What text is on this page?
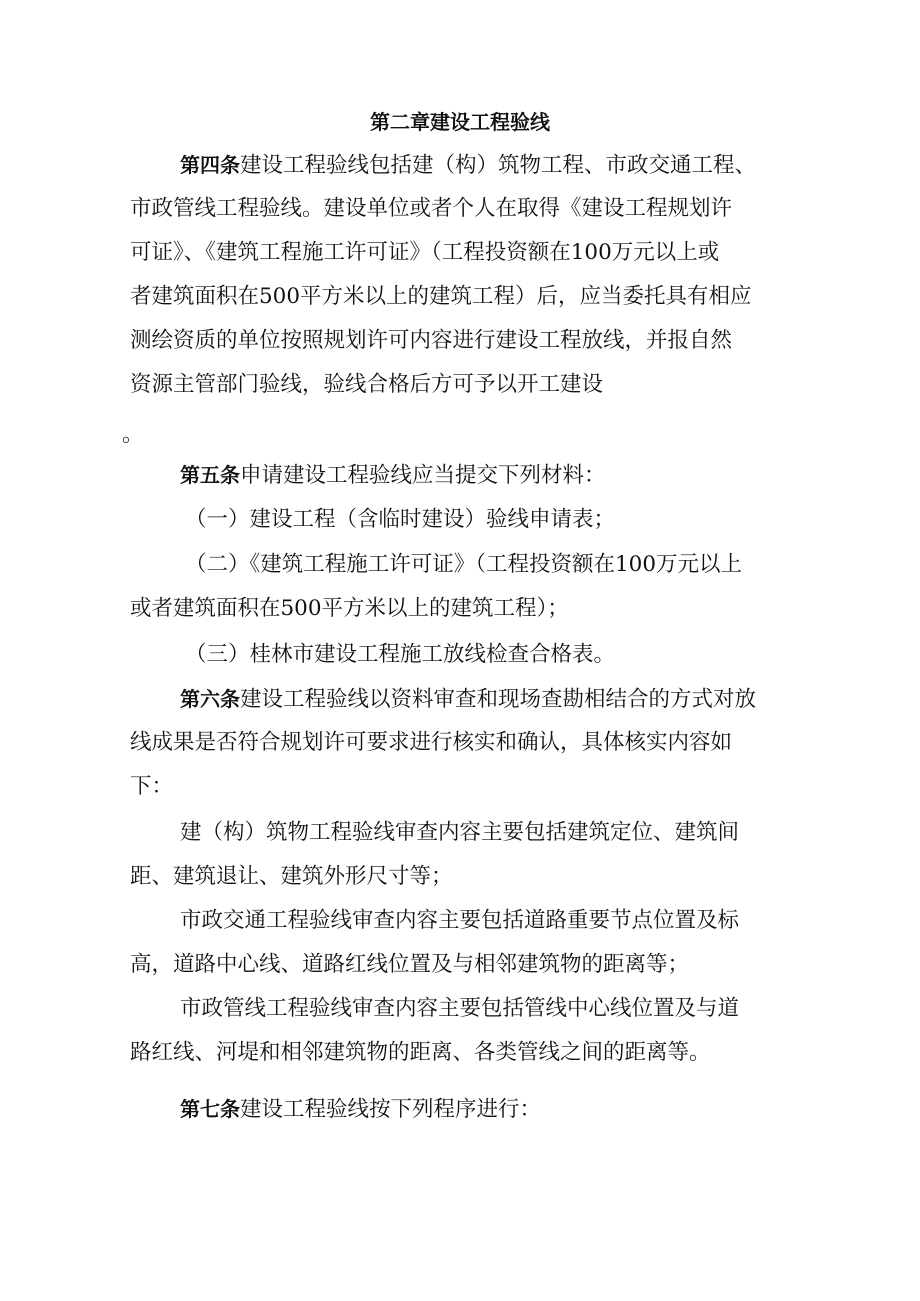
第二章建设工程验线

第四条建设工程验线包括建（构）筑物工程、市政交通工程、

市政管线工程验线。建设单位或者个人在取得《建设工程规划许

可证》、《建筑工程施工许可证》（工程投资额在100万元以上或

者建筑面积在500平方米以上的建筑工程）后，应当委托具有相应

测绘资质的单位按照规划许可内容进行建设工程放线，并报自然

资源主管部门验线，验线合格后方可予以开工建设

。

第五条申请建设工程验线应当提交下列材料：

（一）建设工程（含临时建设）验线申请表；

（二）《建筑工程施工许可证》（工程投资额在100万元以上

或者建筑面积在500平方米以上的建筑工程）；

（三）桂林市建设工程施工放线检查合格表。

第六条建设工程验线以资料审查和现场查勘相结合的方式对放

线成果是否符合规划许可要求进行核实和确认，具体核实内容如

下：

建（构）筑物工程验线审查内容主要包括建筑定位、建筑间

距、建筑退让、建筑外形尺寸等；

市政交通工程验线审查内容主要包括道路重要节点位置及标

高，道路中心线、道路红线位置及与相邻建筑物的距离等；

市政管线工程验线审查内容主要包括管线中心线位置及与道

路红线、河堤和相邻建筑物的距离、各类管线之间的距离等。

第七条建设工程验线按下列程序进行：
